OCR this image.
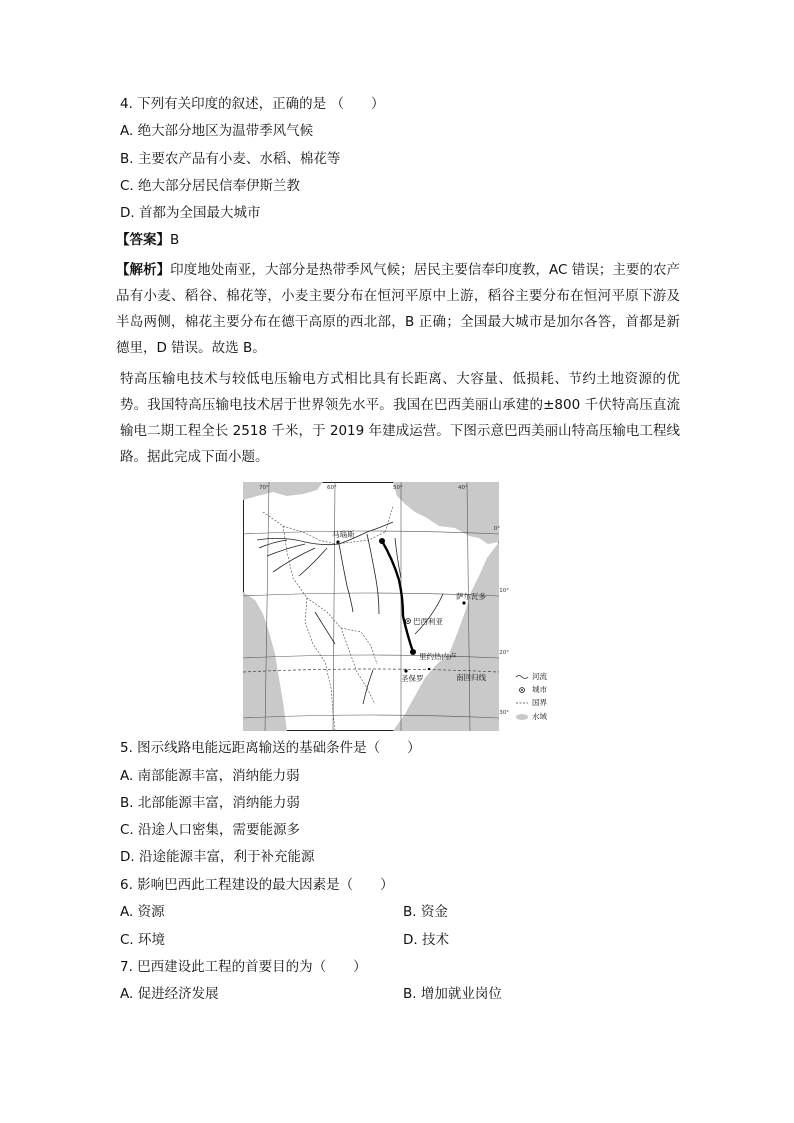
4. 下列有关印度的叙述，正确的是 （　　）
A. 绝大部分地区为温带季风气候
B. 主要农产品有小麦、水稻、棉花等
C. 绝大部分居民信奉伊斯兰教
D. 首都为全国最大城市
【答案】B
【解析】印度地处南亚，大部分是热带季风气候；居民主要信奉印度教，AC 错误；主要的农产品有小麦、稻谷、棉花等，小麦主要分布在恒河平原中上游，稻谷主要分布在恒河平原下游及半岛两侧，棉花主要分布在德干高原的西北部，B 正确；全国最大城市是加尔各答，首都是新德里，D 错误。故选 B。
特高压输电技术与较低电压输电方式相比具有长距离、大容量、低损耗、节约土地资源的优势。我国特高压输电技术居于世界领先水平。我国在巴西美丽山承建的±800 千伏特高压直流输电二期工程全长 2518 千米，于 2019 年建成运营。下图示意巴西美丽山特高压输电工程线路。据此完成下面小题。
马瑙斯
巴西利亚
萨尔瓦多
里约热内卢
圣保罗	南回归线
70°	60°	50°	40°
0°
10°
20°
30°
河流
城市
国界
水域
5. 图示线路电能远距离输送的基础条件是（　　）
A. 南部能源丰富，消纳能力弱
B. 北部能源丰富，消纳能力弱
C. 沿途人口密集，需要能源多
D. 沿途能源丰富，利于补充能源
6. 影响巴西此工程建设的最大因素是（　　）
A. 资源	B. 资金
C. 环境	D. 技术
7. 巴西建设此工程的首要目的为（　　）
A. 促进经济发展	B. 增加就业岗位
